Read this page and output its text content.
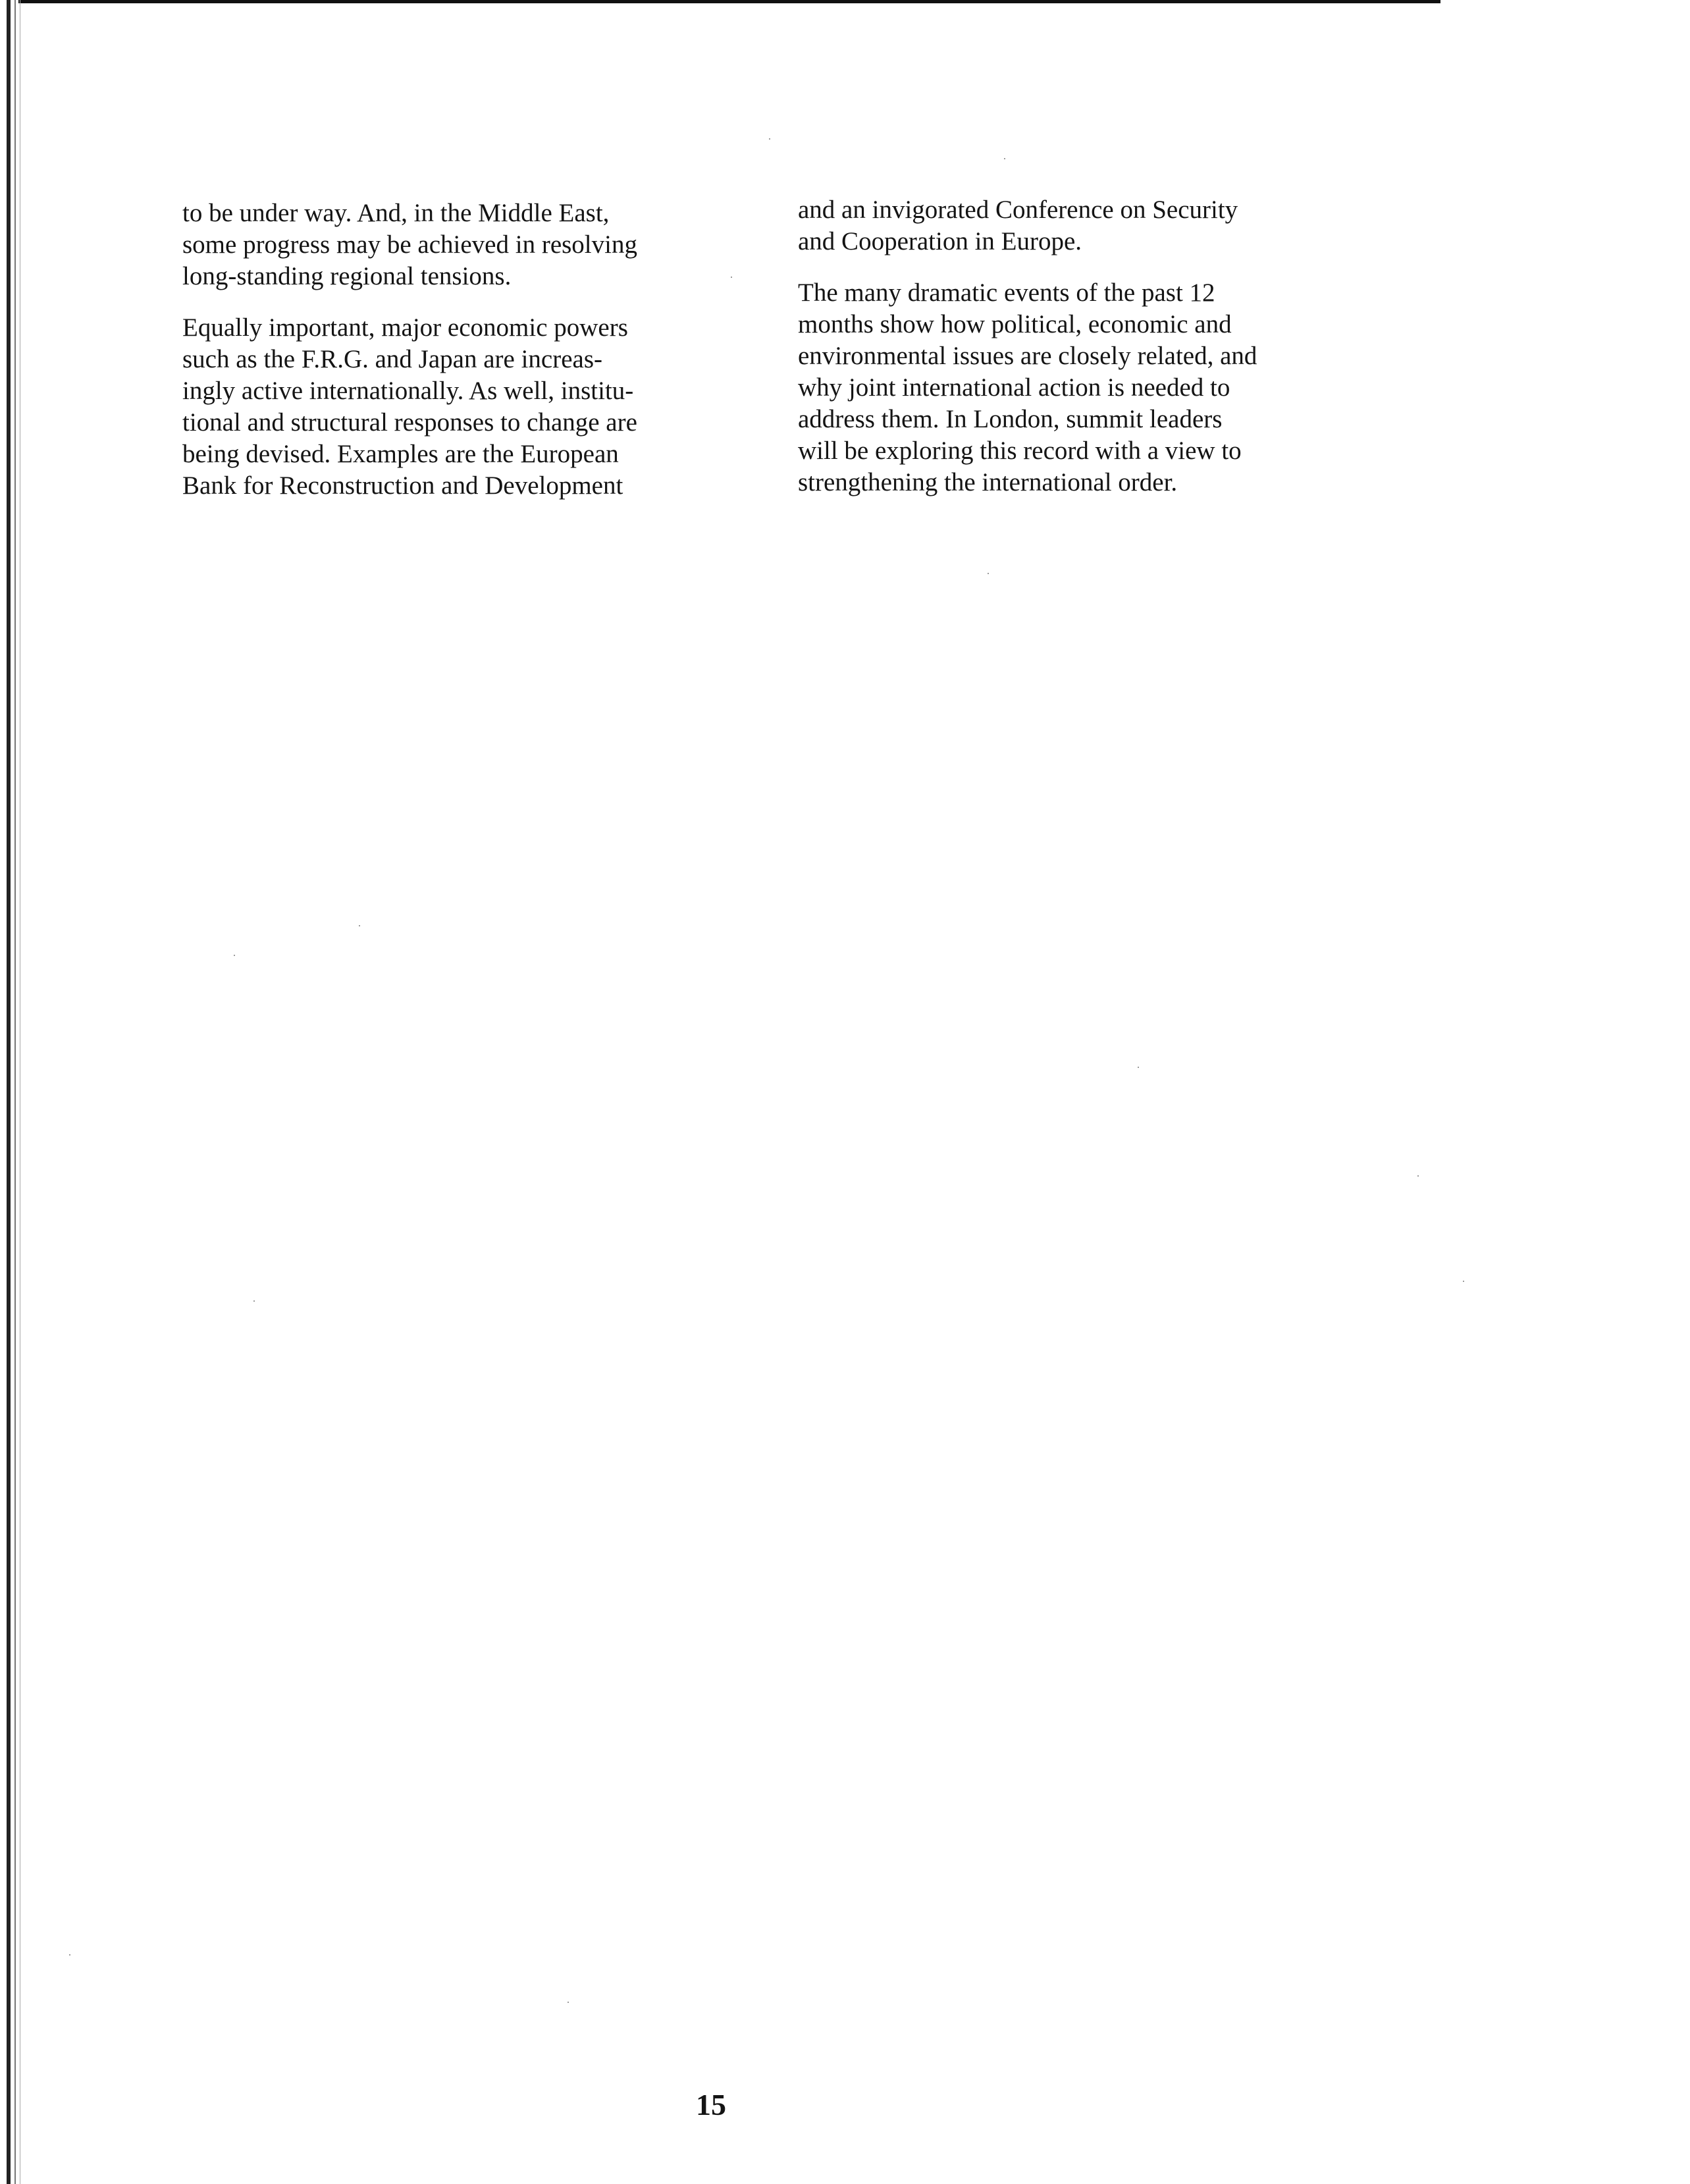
to be under way. And, in the Middle East,
some progress may be achieved in resolving
long-standing regional tensions.

Equally important, major economic powers
such as the F.R.G. and Japan are increas-
ingly active internationally. As well, institu-
tional and structural responses to change are
being devised. Examples are the European
Bank for Reconstruction and Development

and an invigorated Conference on Security
and Cooperation in Europe.

The many dramatic events of the past 12
months show how political, economic and
environmental issues are closely related, and
why joint international action is needed to
address them. In London, summit leaders
will be exploring this record with a view to
strengthening the international order.

15
